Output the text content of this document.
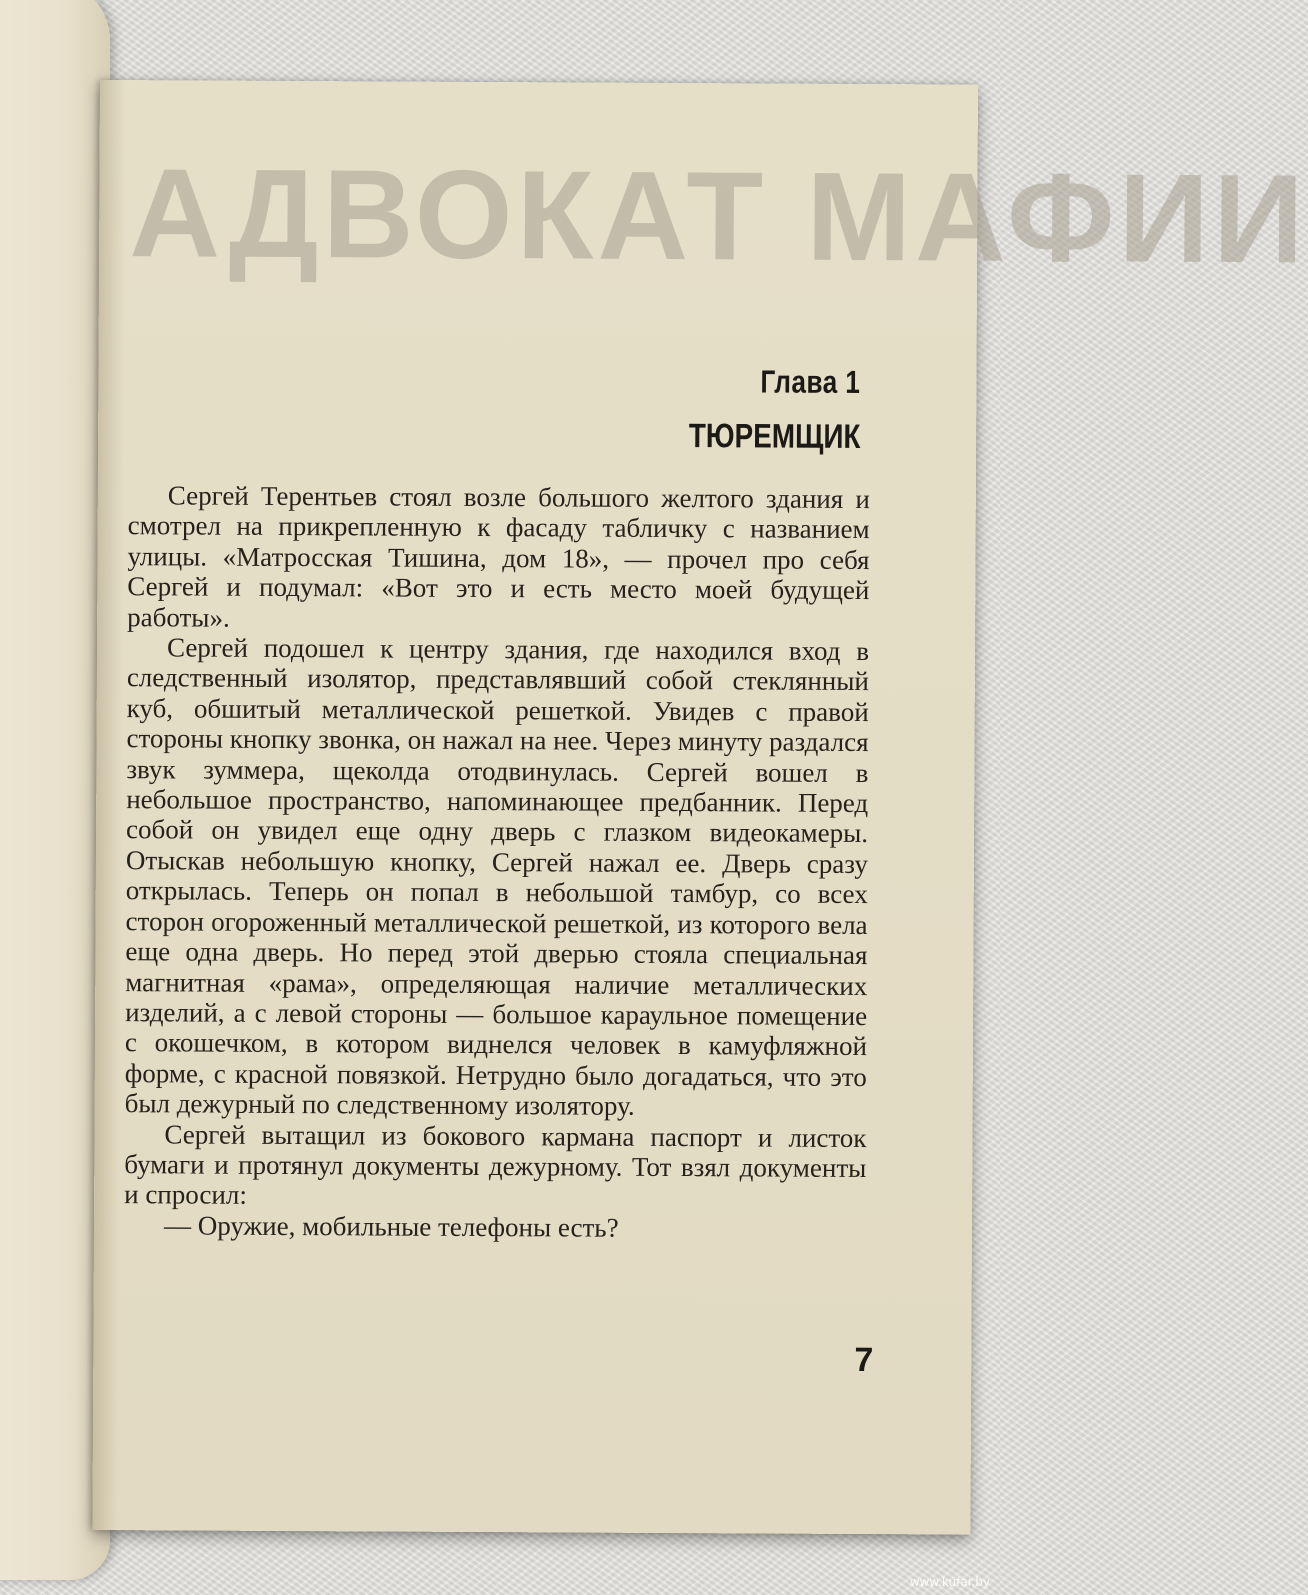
АДВОКАТ МАФИИ
Глава 1
ТЮРЕМЩИК

Сергей Терентьев стоял возле большого желтого здания и смотрел на прикрепленную к фасаду табличку с названием улицы. «Матросская Тишина, дом 18», — прочел про себя Сергей и подумал: «Вот это и есть место моей будущей работы».

Сергей подошел к центру здания, где находился вход в следственный изолятор, представлявший собой стеклянный куб, обшитый металлической решеткой. Увидев с правой стороны кнопку звонка, он нажал на нее. Через минуту раздался звук зуммера, щеколда отодвинулась. Сергей вошел в небольшое пространство, напоминающее предбанник. Перед собой он увидел еще одну дверь с глазком видеокамеры. Отыскав небольшую кнопку, Сергей нажал ее. Дверь сразу открылась. Теперь он попал в небольшой тамбур, со всех сторон огороженный металлической решеткой, из которого вела еще одна дверь. Но перед этой дверью стояла специальная магнитная «рама», определяющая наличие металлических изделий, а с левой стороны — большое караульное помещение с окошечком, в котором виднелся человек в камуфляжной форме, с красной повязкой. Нетрудно было догадаться, что это был дежурный по следственному изолятору.

Сергей вытащил из бокового кармана паспорт и листок бумаги и протянул документы дежурному. Тот взял документы и спросил:

— Оружие, мобильные телефоны есть?

7
www.kufar.by
